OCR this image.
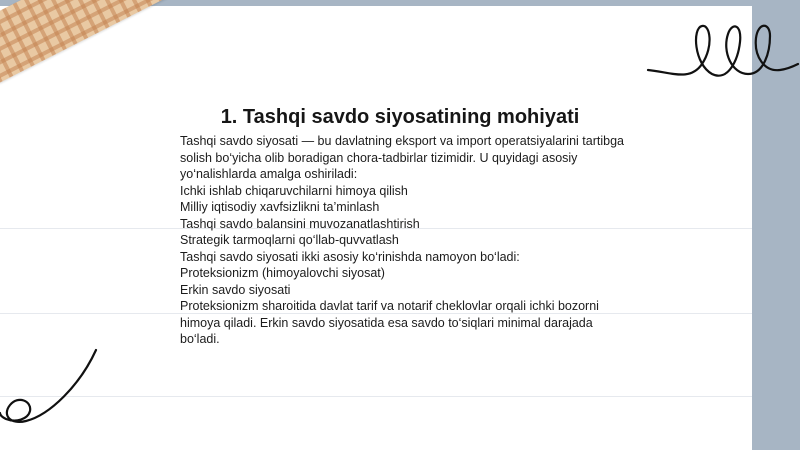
1. Tashqi savdo siyosatining mohiyati

Tashqi savdo siyosati — bu davlatning eksport va import operatsiyalarini tartibga solish bo‘yicha olib boradigan chora-tadbirlar tizimidir. U quyidagi asosiy yo‘nalishlarda amalga oshiriladi:

Ichki ishlab chiqaruvchilarni himoya qilish

Milliy iqtisodiy xavfsizlikni ta’minlash

Tashqi savdo balansini muvozanatlashtirish

Strategik tarmoqlarni qo‘llab-quvvatlash

Tashqi savdo siyosati ikki asosiy ko‘rinishda namoyon bo‘ladi:

Proteksionizm (himoyalovchi siyosat)

Erkin savdo siyosati

Proteksionizm sharoitida davlat tarif va notarif cheklovlar orqali ichki bozorni himoya qiladi. Erkin savdo siyosatida esa savdo to‘siqlari minimal darajada bo‘ladi.
